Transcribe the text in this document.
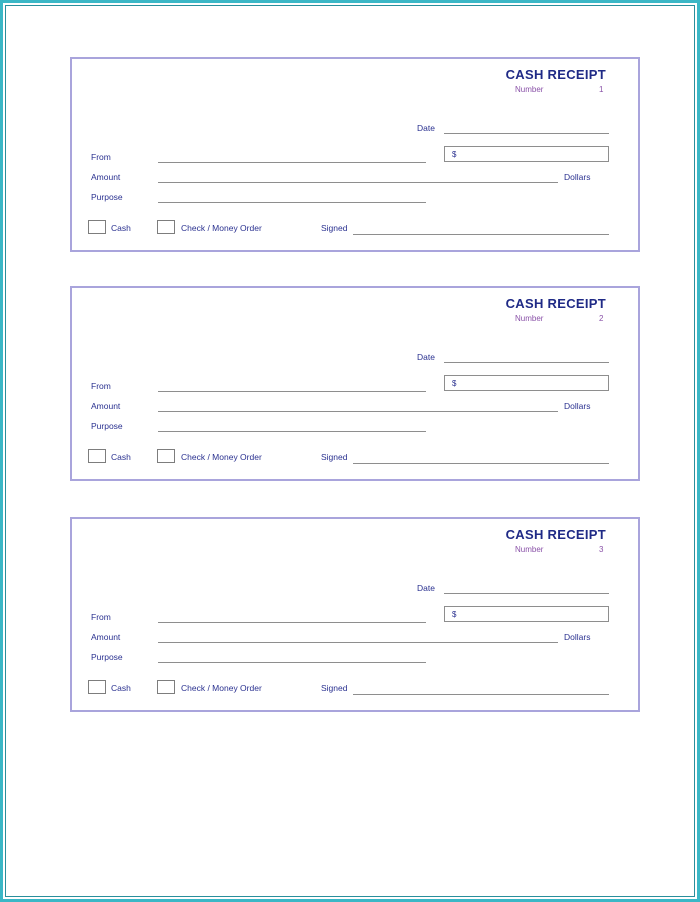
CASH RECEIPT
Number	1
Date
From	$
Amount	Dollars
Purpose
Cash	Check / Money Order	Signed
CASH RECEIPT
Number	2
Date
From	$
Amount	Dollars
Purpose
Cash	Check / Money Order	Signed
CASH RECEIPT
Number	3
Date
From	$
Amount	Dollars
Purpose
Cash	Check / Money Order	Signed
